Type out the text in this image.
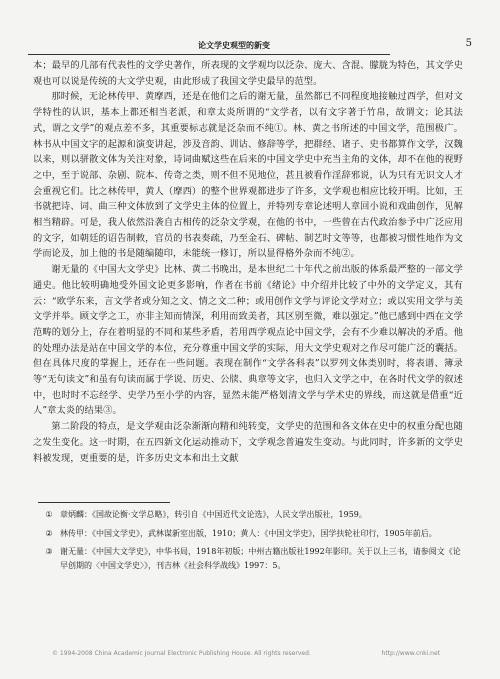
论文学史观型的新变	5

本；最早的几部有代表性的文学史著作，所表现的文学观均以泛杂、庞大、含混、朦胧为特色，其文学史观也可以说是传统的大文学史观，由此形成了我国文学史最早的范型。

那时候，无论林传甲、黄摩西，还是在他们之后的谢无量，虽然都已不同程度地接触过西学，但对文学特性的认识，基本上都还相当老派，和章太炎所谓的“文学者，以有文字著于竹帛，故谓文；论其法式，谓之文学”的观点差不多，其重要标志就是泛杂而不纯①。林、黄之书所述的中国文学，范围极广。林书从中国文字的起源和演变讲起，涉及音韵、训诂、修辞等学，把群经、诸子、史书都算作文学，汉魏以来，则以骈散文体为关注对象，诗词曲赋这些在后来的中国文学史中充当主角的文体，却不在他的视野之中，至于说部、杂剧、院本、传奇之类，则不但不见地位，甚且被看作淫辞邪说，认为只有无识文人才会重视它们。比之林传甲，黄人（摩西）的整个世界观都进步了许多，文学观也相应比较开明。比如，王书就把诗、词、曲三种文体放到了文学史主体的位置上，并特列专章论述明人章回小说和戏曲创作，见解相当精辟。可是，我人依然沿袭自古相传的泛杂文学观，在他的书中，一些曾在古代政治参予中广泛应用的文字，如朝廷的诏告制敕，官员的书表奏疏，乃至金石、碑帖、制艺时文等等，也都被习惯性地作为文学而论及，加上他的书是随编随印，未能统一修订，所以显得格外杂而不纯②。

谢无量的《中国大文学史》比林、黄二书晚出，是本世纪二十年代之前出版的体系最严整的一部文学通史。他比较明确地受外国文论更多影响，作者在书前《绪论》中介绍并比较了中外的文学定义，其有云：“欧学东来，言文学者或分知之文、情之文二种；或用创作文学与评论文学对立；或以实用文学与美文学并举。顾文学之工，亦非主知而情深，利用而致美者，其区别至微，难以强定。”他已感到中西在文学范畴的划分上，存在着明显的不同和某些矛盾，若用西学观点论中国文学，会有不少难以解决的矛盾。他的处理办法是站在中国文学的本位，充分尊重中国文学的实际，用大文学史观对之作尽可能广泛的囊括。但在具体尺度的掌握上，还存在一些问题。表现在制作“文学各科表”以罗列文体类别时，将表谱、簿录等“无句读文”和虽有句读而属于学说、历史、公牍、典章等文字，也归入文学之中，在各时代文学的叙述中，也时时不忘经学、史学乃至小学的内容，显然未能严格划清文学与学术史的界线，而这就是借重“近人”章太炎的结果③。

第二阶段的特点，是文学观由泛杂渐渐向精和纯转变，文学史的范围和各文体在史中的权重分配也随之发生变化。这一时期，在五四新文化运动推动下，文学观念普遍发生变动。与此同时，许多新的文学史料被发现，更重要的是，许多历史文本和出土文献

① 章炳麟：《国故论衡·文学总略》，转引自《中国近代文论选》，人民文学出版社，1959。
② 林传甲：《中国文学史》，武林谋新室出版，1910；黄人：《中国文学史》，国学扶轮社印行，1905年前后。
③ 谢无量：《中国大文学史》，中华书局，1918年初版；中州古籍出版社1992年影印。关于以上三书，请参阅文《论早创期的〈中国文学史〉》，刊吉林《社会科学战线》1997：5。
© 1994-2008 China Academic Journal Electronic Publishing House. All rights reserved.	http://www.cnki.net
